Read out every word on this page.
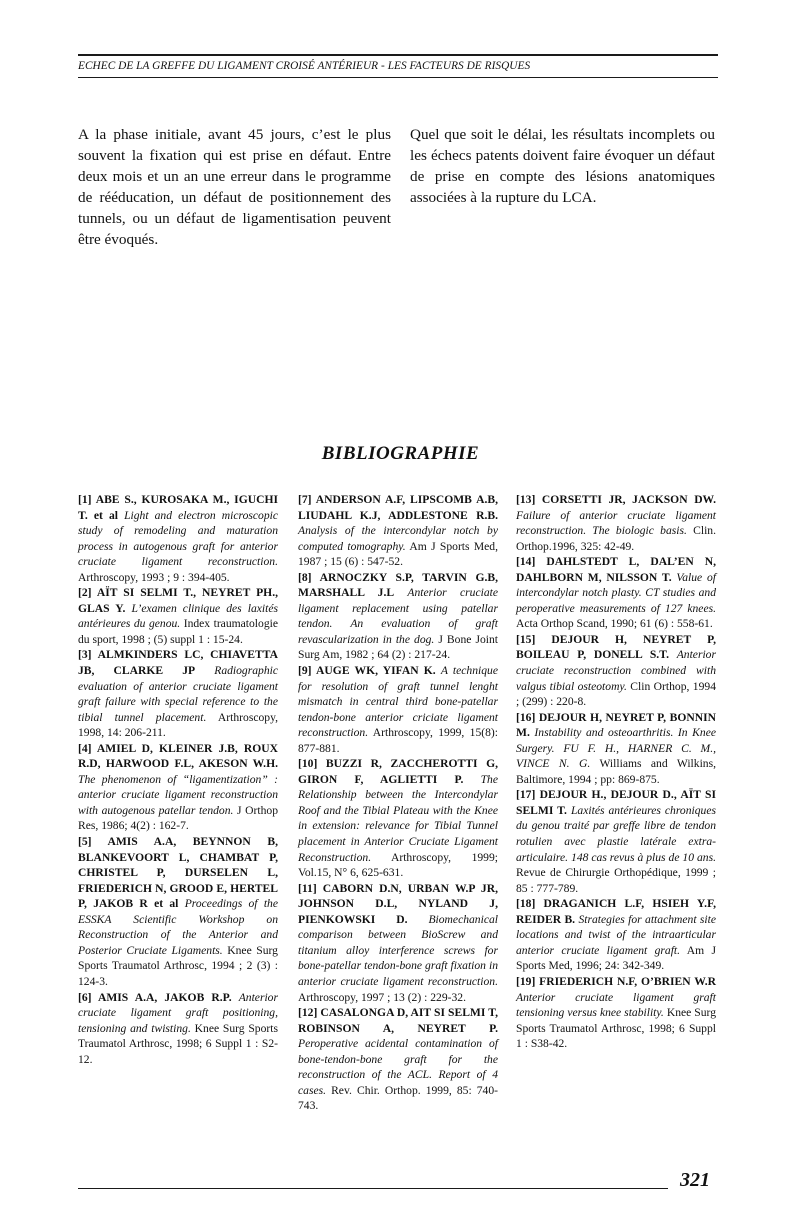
ECHEC DE LA GREFFE DU LIGAMENT CROISÉ ANTÉRIEUR - LES FACTEURS DE RISQUES

A la phase initiale, avant 45 jours, c’est le plus souvent la fixation qui est prise en défaut. Entre deux mois et un an une erreur dans le programme de rééducation, un défaut de positionnement des tunnels, ou un défaut de ligamentisation peuvent être évoqués.

Quel que soit le délai, les résultats incomplets ou les échecs patents doivent faire évoquer un défaut de prise en compte des lésions anatomiques associées à la rupture du LCA.

BIBLIOGRAPHIE

[1] ABE S., KUROSAKA M., IGUCHI T. et al Light and electron microscopic study of remodeling and maturation process in autogenous graft for anterior cruciate ligament reconstruction. Arthroscopy, 1993 ; 9 : 394-405.

[2] AÏT SI SELMI T., NEYRET PH., GLAS Y. L’examen clinique des laxités antérieures du genou. Index traumatologie du sport, 1998 ; (5) suppl 1 : 15-24.

[3] ALMKINDERS LC, CHIAVETTA JB, CLARKE JP Radiographic evaluation of anterior cruciate ligament graft failure with special reference to the tibial tunnel placement. Arthroscopy, 1998, 14: 206-211.

[4] AMIEL D, KLEINER J.B, ROUX R.D, HARWOOD F.L, AKESON W.H. The phenomenon of “ligamentization” : anterior cruciate ligament reconstruction with autogenous patellar tendon. J Orthop Res, 1986; 4(2) : 162-7.

[5] AMIS A.A, BEYNNON B, BLANKEVOORT L, CHAMBAT P, CHRISTEL P, DURSELEN L, FRIEDERICH N, GROOD E, HERTEL P, JAKOB R et al Proceedings of the ESSKA Scientific Workshop on Reconstruction of the Anterior and Posterior Cruciate Ligaments. Knee Surg Sports Traumatol Arthrosc, 1994 ; 2 (3) : 124-3.

[6] AMIS A.A, JAKOB R.P. Anterior cruciate ligament graft positioning, tensioning and twisting. Knee Surg Sports Traumatol Arthrosc, 1998; 6 Suppl 1 : S2-12.

[7] ANDERSON A.F, LIPSCOMB A.B, LIUDAHL K.J, ADDLESTONE R.B. Analysis of the intercondylar notch by computed tomography. Am J Sports Med, 1987 ; 15 (6) : 547-52.

[8] ARNOCZKY S.P, TARVIN G.B, MARSHALL J.L Anterior cruciate ligament replacement using patellar tendon. An evaluation of graft revascularization in the dog. J Bone Joint Surg Am, 1982 ; 64 (2) : 217-24.

[9] AUGE WK, YIFAN K. A technique for resolution of graft tunnel lenght mismatch in central third bone-patellar tendon-bone anterior criciate ligament reconstruction. Arthroscopy, 1999, 15(8): 877-881.

[10] BUZZI R, ZACCHEROTTI G, GIRON F, AGLIETTI P. The Relationship between the Intercondylar Roof and the Tibial Plateau with the Knee in extension: relevance for Tibial Tunnel placement in Anterior Cruciate Ligament Reconstruction. Arthroscopy, 1999; Vol.15, N° 6, 625-631.

[11] CABORN D.N, URBAN W.P JR, JOHNSON D.L, NYLAND J, PIENKOWSKI D. Biomechanical comparison between BioScrew and titanium alloy interference screws for bone-patellar tendon-bone graft fixation in anterior cruciate ligament reconstruction. Arthroscopy, 1997 ; 13 (2) : 229-32.

[12] CASALONGA D, AIT SI SELMI T, ROBINSON A, NEYRET P. Peroperative acidental contamination of bone-tendon-bone graft for the reconstruction of the ACL. Report of 4 cases. Rev. Chir. Orthop. 1999, 85: 740-743.

[13] CORSETTI JR, JACKSON DW. Failure of anterior cruciate ligament reconstruction. The biologic basis. Clin. Orthop.1996, 325: 42-49.

[14] DAHLSTEDT L, DAL’EN N, DAHLBORN M, NILSSON T. Value of intercondylar notch plasty. CT studies and peroperative measurements of 127 knees. Acta Orthop Scand, 1990; 61 (6) : 558-61.

[15] DEJOUR H, NEYRET P, BOILEAU P, DONELL S.T. Anterior cruciate reconstruction combined with valgus tibial osteotomy. Clin Orthop, 1994 ; (299) : 220-8.

[16] DEJOUR H, NEYRET P, BONNIN M. Instability and osteoarthritis. In Knee Surgery. FU F. H., HARNER C. M., VINCE N. G. Williams and Wilkins, Baltimore, 1994 ; pp: 869-875.

[17] DEJOUR H., DEJOUR D., AÏT SI SELMI T. Laxités antérieures chroniques du genou traité par greffe libre de tendon rotulien avec plastie latérale extra-articulaire. 148 cas revus à plus de 10 ans. Revue de Chirurgie Orthopédique, 1999 ; 85 : 777-789.

[18] DRAGANICH L.F, HSIEH Y.F, REIDER B. Strategies for attachment site locations and twist of the intraarticular anterior cruciate ligament graft. Am J Sports Med, 1996; 24: 342-349.

[19] FRIEDERICH N.F, O’BRIEN W.R Anterior cruciate ligament graft tensioning versus knee stability. Knee Surg Sports Traumatol Arthrosc, 1998; 6 Suppl 1 : S38-42.

321
